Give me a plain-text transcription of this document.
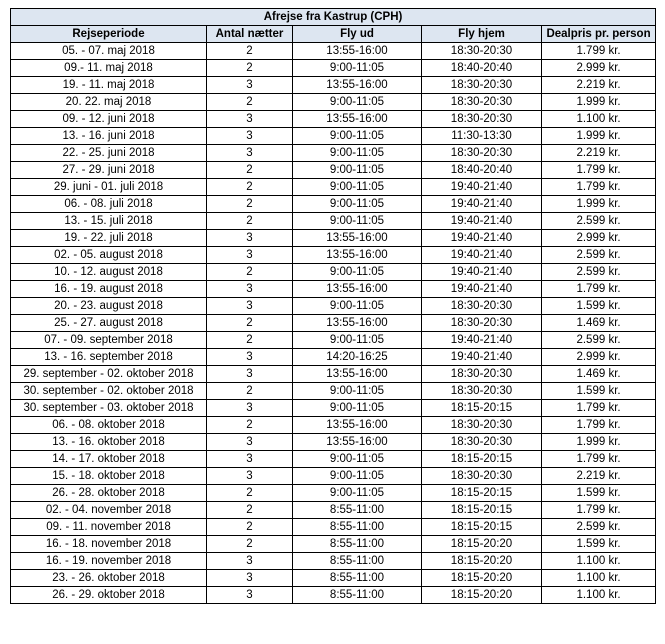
Afrejse fra Kastrup (CPH)				
Rejseperiode	Antal nætter	Fly ud	Fly hjem	Dealpris pr. person
05. - 07. maj 2018	2	13:55-16:00	18:30-20:30	1.799 kr.
09.- 11. maj 2018	2	9:00-11:05	18:40-20:40	2.999 kr.
19. - 11. maj 2018	3	13:55-16:00	18:30-20:30	2.219 kr.
20. 22. maj 2018	2	9:00-11:05	18:30-20:30	1.999 kr.
09. - 12. juni 2018	3	13:55-16:00	18:30-20:30	1.100 kr.
13. - 16. juni 2018	3	9:00-11:05	11:30-13:30	1.999 kr.
22. - 25. juni 2018	3	9:00-11:05	18:30-20:30	2.219 kr.
27. - 29. juni 2018	2	9:00-11:05	18:40-20:40	1.799 kr.
29. juni - 01. juli 2018	2	9:00-11:05	19:40-21:40	1.799 kr.
06. - 08. juli 2018	2	9:00-11:05	19:40-21:40	1.999 kr.
13. - 15. juli 2018	2	9:00-11:05	19:40-21:40	2.599 kr.
19. - 22. juli 2018	3	13:55-16:00	19:40-21:40	2.999 kr.
02. - 05. august 2018	3	13:55-16:00	19:40-21:40	2.599 kr.
10. - 12. august 2018	2	9:00-11:05	19:40-21:40	2.599 kr.
16. - 19. august 2018	3	13:55-16:00	19:40-21:40	1.799 kr.
20. - 23. august 2018	3	9:00-11:05	18:30-20:30	1.599 kr.
25. - 27. august 2018	2	13:55-16:00	18:30-20:30	1.469 kr.
07. - 09. september 2018	2	9:00-11:05	19:40-21:40	2.599 kr.
13. - 16. september 2018	3	14:20-16:25	19:40-21:40	2.999 kr.
29. september - 02. oktober 2018	3	13:55-16:00	18:30-20:30	1.469 kr.
30. september - 02. oktober 2018	2	9:00-11:05	18:30-20:30	1.599 kr.
30. september - 03. oktober 2018	3	9:00-11:05	18:15-20:15	1.799 kr.
06. - 08. oktober 2018	2	13:55-16:00	18:30-20:30	1.799 kr.
13. - 16. oktober 2018	3	13:55-16:00	18:30-20:30	1.999 kr.
14. - 17. oktober 2018	3	9:00-11:05	18:15-20:15	1.799 kr.
15. - 18. oktober 2018	3	9:00-11:05	18:30-20:30	2.219 kr.
26. - 28. oktober 2018	2	9:00-11:05	18:15-20:15	1.599 kr.
02. - 04. november 2018	2	8:55-11:00	18:15-20:15	1.799 kr.
09. - 11. november 2018	2	8:55-11:00	18:15-20:15	2.599 kr.
16. - 18. november 2018	2	8:55-11:00	18:15-20:20	1.599 kr.
16. - 19. november 2018	3	8:55-11:00	18:15-20:20	1.100 kr.
23. - 26. oktober 2018	3	8:55-11:00	18:15-20:20	1.100 kr.
26. - 29. oktober 2018	3	8:55-11:00	18:15-20:20	1.100 kr.
